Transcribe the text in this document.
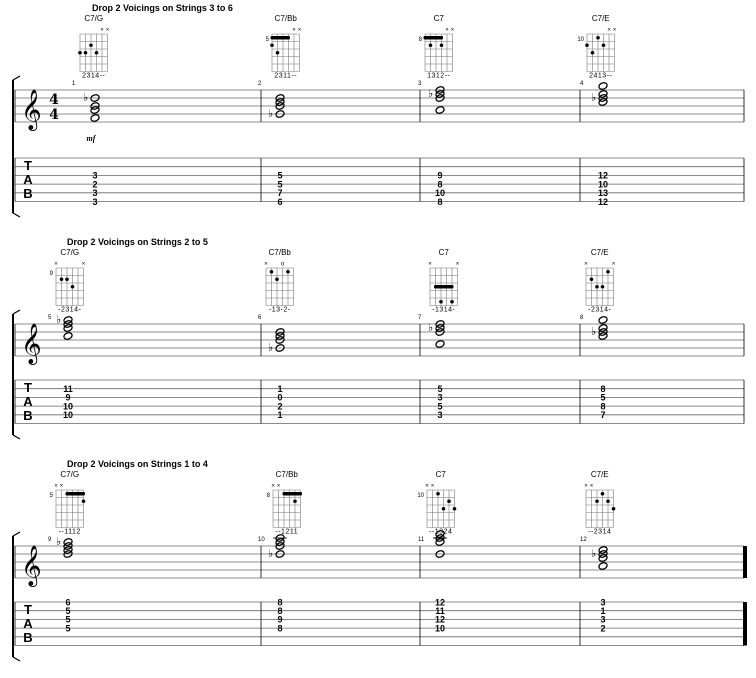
Drop 2 Voicings on Strings 3 to 6
𝄞 4
4
T
A
B
1
C7/G
× ×
2314--
♭
3
2
3
3
2
C7/Bb
5
× ×
2311--
♭
5
5
7
6
3
C7
8
× ×
1312--
♭
9
8
10
8
4
C7/E
10
× ×
2413--
♭
12
10
13
12
mf
Drop 2 Voicings on Strings 2 to 5
𝄞
T
A
B
5
C7/G
9
×	×
-2314-
♭
11
9
10
10
6
C7/Bb
× o
-13-2-
♭
1
0
2
1
7
C7
×	×
-1314-
♭
5
3
5
3
8
C7/E
×	×
-2314-
♭
8
5
8
7
Drop 2 Voicings on Strings 1 to 4
𝄞
T
A
B
9
C7/G
5
× ×
--1112
♭
6
5
5
5
10
C7/Bb
8
× ×
--1211
♭
8
8
9
8
11
C7
10
× ×
--1324
12
11
12
10
12
C7/E
× ×
--2314
♭
3
1
3
2
